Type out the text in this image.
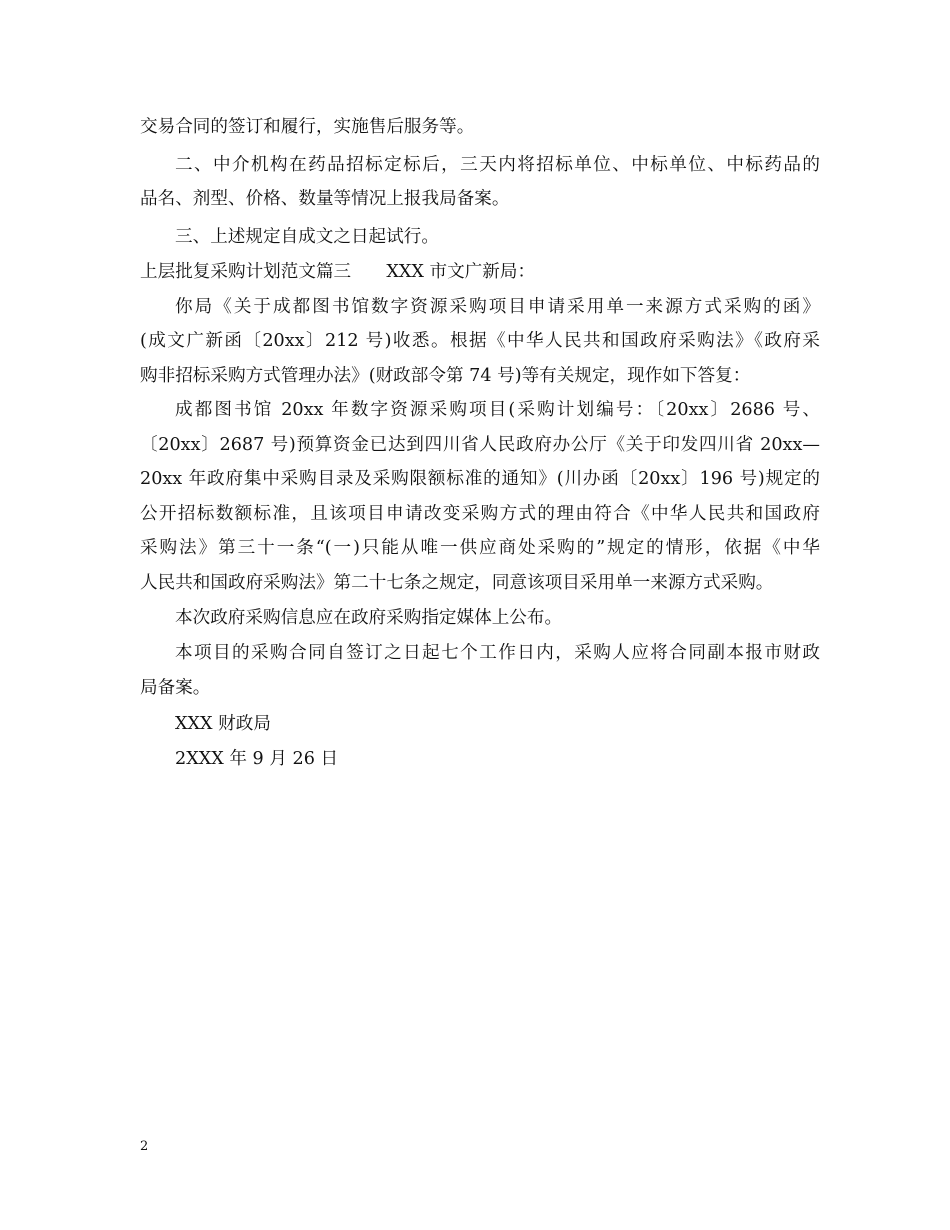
交易合同的签订和履行，实施售后服务等。
二、中介机构在药品招标定标后，三天内将招标单位、中标单位、中标药品的
品名、剂型、价格、数量等情况上报我局备案。
三、上述规定自成文之日起试行。
上层批复采购计划范文篇三　　XXX 市文广新局：
你局《关于成都图书馆数字资源采购项目申请采用单一来源方式采购的函》
(成文广新函〔20xx〕212 号)收悉。根据《中华人民共和国政府采购法》《政府采
购非招标采购方式管理办法》(财政部令第 74 号)等有关规定，现作如下答复：
成都图书馆 20xx 年数字资源采购项目(采购计划编号：〔20xx〕2686 号、
〔20xx〕2687 号)预算资金已达到四川省人民政府办公厅《关于印发四川省 20xx—
20xx 年政府集中采购目录及采购限额标准的通知》(川办函〔20xx〕196 号)规定的
公开招标数额标准，且该项目申请改变采购方式的理由符合《中华人民共和国政府
采购法》第三十一条“(一)只能从唯一供应商处采购的”规定的情形，依据《中华
人民共和国政府采购法》第二十七条之规定，同意该项目采用单一来源方式采购。
本次政府采购信息应在政府采购指定媒体上公布。
本项目的采购合同自签订之日起七个工作日内，采购人应将合同副本报市财政
局备案。
XXX 财政局
2XXX 年 9 月 26 日
2
